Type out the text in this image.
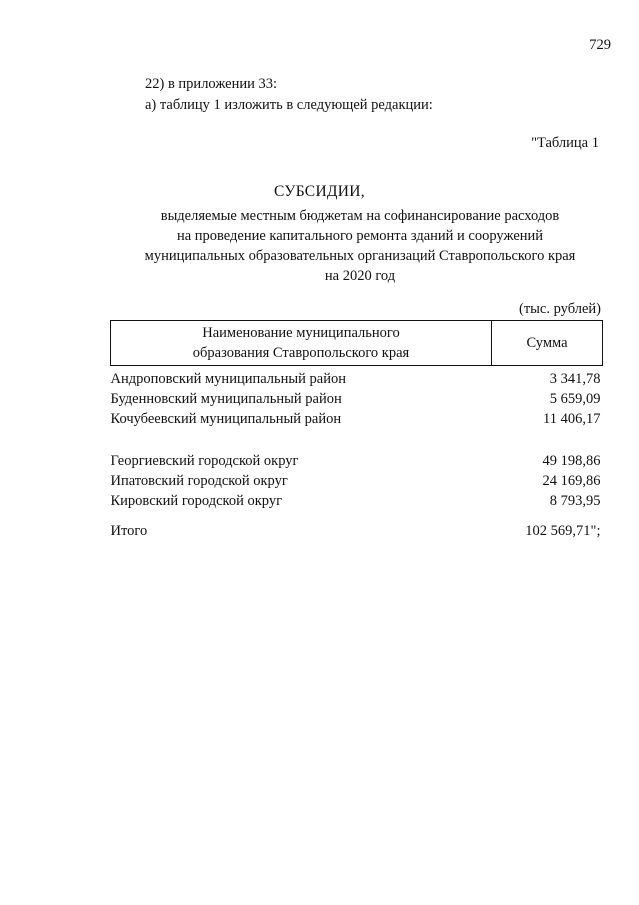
729
22) в приложении 33:
а) таблицу 1 изложить в следующей редакции:
"Таблица 1
СУБСИДИИ,
выделяемые местным бюджетам на софинансирование расходов
на проведение капитального ремонта зданий и сооружений
муниципальных образовательных организаций Ставропольского края
на 2020 год
(тыс. рублей)
Наименование муниципального
образования Ставропольского края	Сумма
Андроповский муниципальный район	3 341,78
Буденновский муниципальный район	5 659,09
Кочубеевский муниципальный район	11 406,17

Георгиевский городской округ	49 198,86
Ипатовский городской округ	24 169,86
Кировский городской округ	8 793,95
Итого	102 569,71";
